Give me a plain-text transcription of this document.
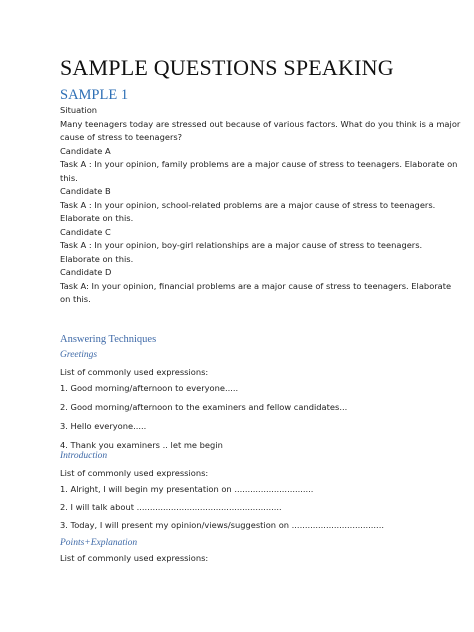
SAMPLE QUESTIONS SPEAKING
SAMPLE 1
Situation
Many teenagers today are stressed out because of various factors. What do you think is a major
cause of stress to teenagers?
Candidate A
Task A : In your opinion, family problems are a major cause of stress to teenagers. Elaborate on
this.
Candidate B
Task A : In your opinion, school-related problems are a major cause of stress to teenagers.
Elaborate on this.
Candidate C
Task A : In your opinion, boy-girl relationships are a major cause of stress to teenagers.
Elaborate on this.
Candidate D
Task A: In your opinion, financial problems are a major cause of stress to teenagers. Elaborate
on this.
Answering Techniques
Greetings
List of commonly used expressions:
1. Good morning/afternoon to everyone.....
2. Good morning/afternoon to the examiners and fellow candidates...
3. Hello everyone.....
4. Thank you examiners .. let me begin
Introduction
List of commonly used expressions:
1. Alright, I will begin my presentation on ..............................
2. I will talk about .......................................................
3. Today, I will present my opinion/views/suggestion on ...................................
Points+Explanation
List of commonly used expressions:
